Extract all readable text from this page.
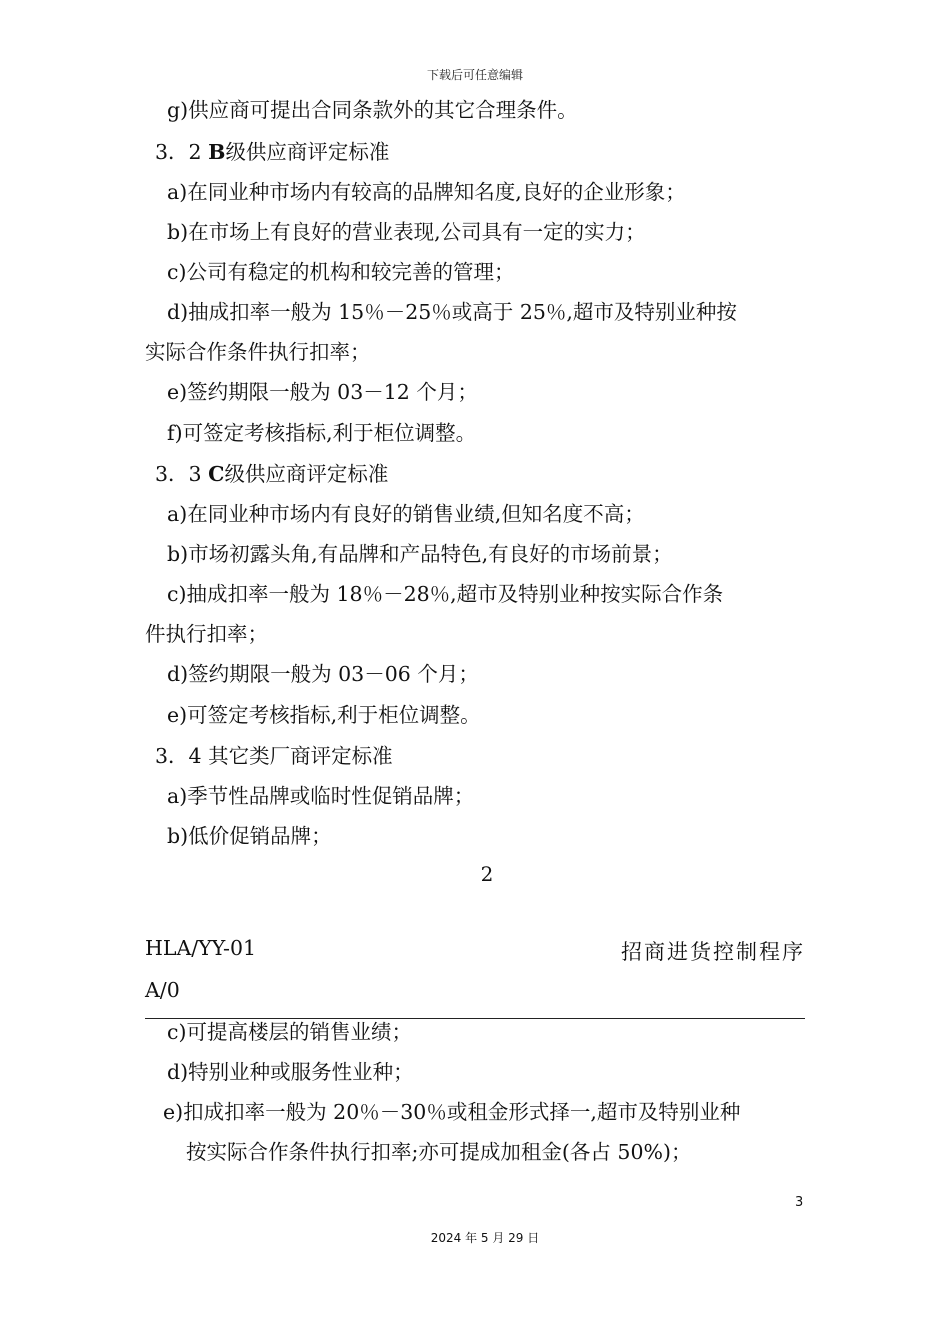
下载后可任意编辑
g)供应商可提出合同条款外的其它合理条件。
3．2 B级供应商评定标准
a)在同业种市场内有较高的品牌知名度,良好的企业形象；
b)在市场上有良好的营业表现,公司具有一定的实力；
c)公司有稳定的机构和较完善的管理；
d)抽成扣率一般为 15％－25％或高于 25％,超市及特别业种按
实际合作条件执行扣率；
e)签约期限一般为 03－12 个月；
f)可签定考核指标,利于柜位调整。
3．3 C级供应商评定标准
a)在同业种市场内有良好的销售业绩,但知名度不高；
b)市场初露头角,有品牌和产品特色,有良好的市场前景；
c)抽成扣率一般为 18％－28％,超市及特别业种按实际合作条
件执行扣率；
d)签约期限一般为 03－06 个月；
e)可签定考核指标,利于柜位调整。
3．4 其它类厂商评定标准
a)季节性品牌或临时性促销品牌；
b)低价促销品牌；
c)可提高楼层的销售业绩；
d)特别业种或服务性业种；
e)扣成扣率一般为 20％－30％或租金形式择一,超市及特别业种
按实际合作条件执行扣率;亦可提成加租金(各占 50%)；
2
HLA/YY-01
A/0
招商进货控制程序
3
2024 年 5 月 29 日
